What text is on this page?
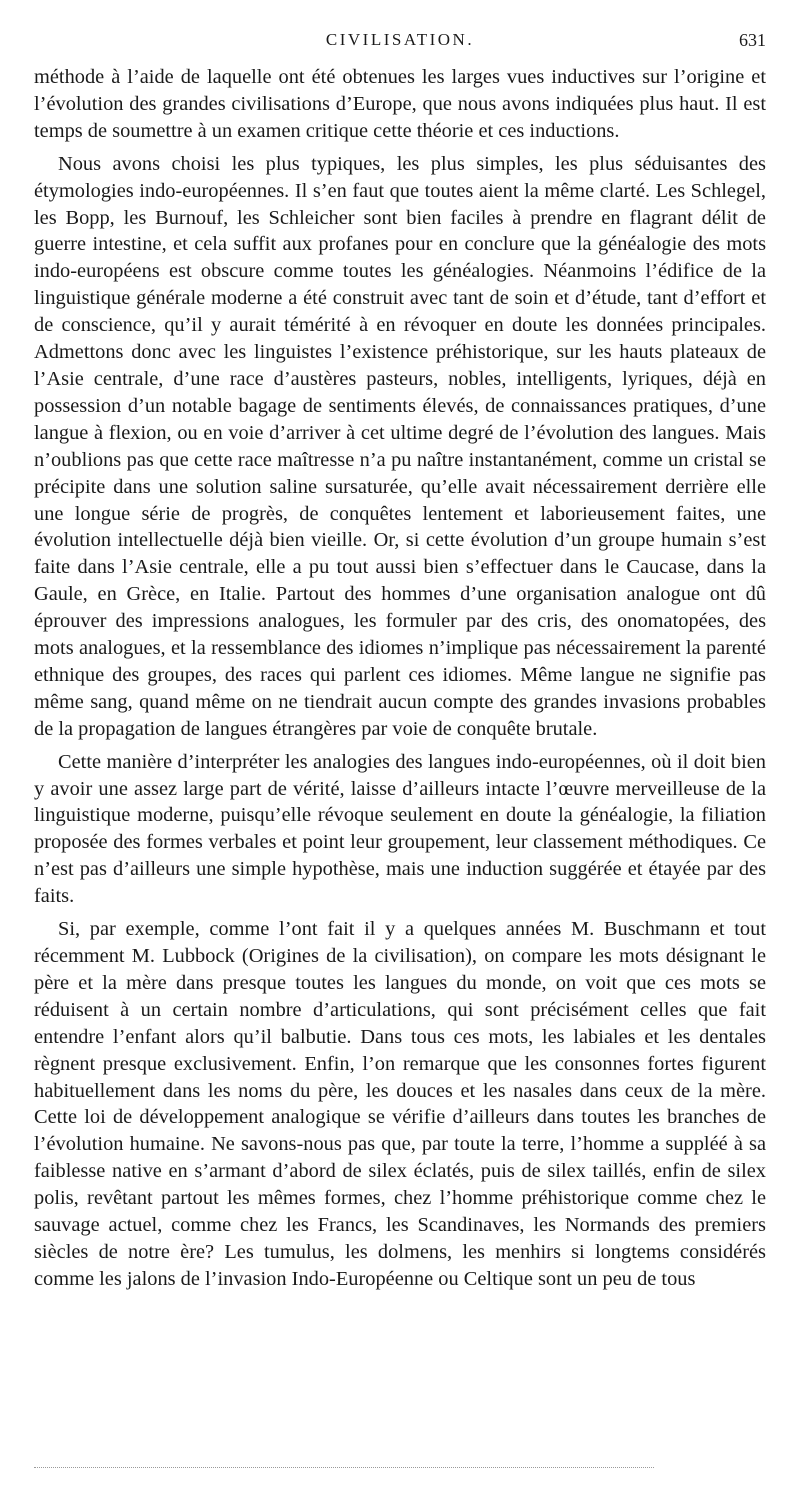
CIVILISATION.	631

méthode à l’aide de laquelle ont été obtenues les larges vues inductives sur l’origine et l’évolution des grandes civilisations d’Europe, que nous avons indiquées plus haut. Il est temps de soumettre à un examen critique cette théorie et ces inductions.

Nous avons choisi les plus typiques, les plus simples, les plus séduisantes des étymologies indo-européennes. Il s’en faut que toutes aient la même clarté. Les Schlegel, les Bopp, les Burnouf, les Schleicher sont bien faciles à prendre en flagrant délit de guerre intestine, et cela suffit aux profanes pour en conclure que la généalogie des mots indo-européens est obscure comme toutes les généalogies. Néanmoins l’édifice de la linguistique générale moderne a été construit avec tant de soin et d’étude, tant d’effort et de conscience, qu’il y aurait témérité à en révoquer en doute les données principales. Admettons donc avec les linguistes l’existence préhistorique, sur les hauts plateaux de l’Asie centrale, d’une race d’austères pasteurs, nobles, intelligents, lyriques, déjà en possession d’un notable bagage de sentiments élevés, de connaissances pratiques, d’une langue à flexion, ou en voie d’arriver à cet ultime degré de l’évolution des langues. Mais n’oublions pas que cette race maîtresse n’a pu naître instantanément, comme un cristal se précipite dans une solution saline sursaturée, qu’elle avait nécessairement derrière elle une longue série de progrès, de conquêtes lentement et laborieusement faites, une évolution intellectuelle déjà bien vieille. Or, si cette évolution d’un groupe humain s’est faite dans l’Asie centrale, elle a pu tout aussi bien s’effectuer dans le Caucase, dans la Gaule, en Grèce, en Italie. Partout des hommes d’une organisation analogue ont dû éprouver des impressions analogues, les formuler par des cris, des onomatopées, des mots analogues, et la ressemblance des idiomes n’implique pas nécessairement la parenté ethnique des groupes, des races qui parlent ces idiomes. Même langue ne signifie pas même sang, quand même on ne tiendrait aucun compte des grandes invasions probables de la propagation de langues étrangères par voie de conquête brutale.

Cette manière d’interpréter les analogies des langues indo-européennes, où il doit bien y avoir une assez large part de vérité, laisse d’ailleurs intacte l’œuvre merveilleuse de la linguistique moderne, puisqu’elle révoque seulement en doute la généalogie, la filiation proposée des formes verbales et point leur groupement, leur classement méthodiques. Ce n’est pas d’ailleurs une simple hypothèse, mais une induction suggérée et étayée par des faits.

Si, par exemple, comme l’ont fait il y a quelques années M. Buschmann et tout récemment M. Lubbock (Origines de la civilisation), on compare les mots désignant le père et la mère dans presque toutes les langues du monde, on voit que ces mots se réduisent à un certain nombre d’articulations, qui sont précisément celles que fait entendre l’enfant alors qu’il balbutie. Dans tous ces mots, les labiales et les dentales règnent presque exclusivement. Enfin, l’on remarque que les consonnes fortes figurent habituellement dans les noms du père, les douces et les nasales dans ceux de la mère. Cette loi de développement analogique se vérifie d’ailleurs dans toutes les branches de l’évolution humaine. Ne savons-nous pas que, par toute la terre, l’homme a suppléé à sa faiblesse native en s’armant d’abord de silex éclatés, puis de silex taillés, enfin de silex polis, revêtant partout les mêmes formes, chez l’homme préhistorique comme chez le sauvage actuel, comme chez les Francs, les Scandinaves, les Normands des premiers siècles de notre ère? Les tumulus, les dolmens, les menhirs si longtems considérés comme les jalons de l’invasion Indo-Européenne ou Celtique sont un peu de tous
